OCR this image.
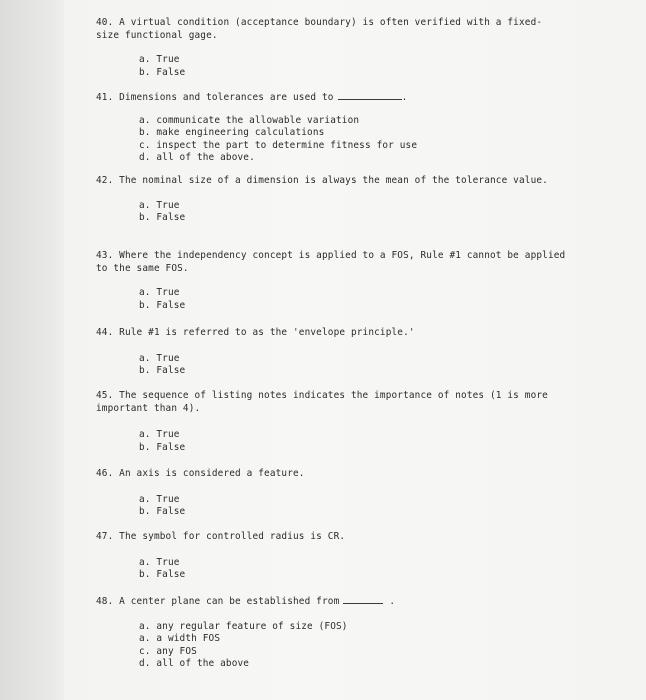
40. A virtual condition (acceptance boundary) is often verified with a fixed-size functional gage.

a. True
b. False

41. Dimensions and tolerances are used to	.

a. communicate the allowable variation
b. make engineering calculations
c. inspect the part to determine fitness for use
d. all of the above.

42. The nominal size of a dimension is always the mean of the tolerance value.

a. True
b. False

43. Where the independency concept is applied to a FOS, Rule #1 cannot be applied to the same FOS.

a. True
b. False

44. Rule #1 is referred to as the 'envelope principle.'

a. True
b. False

45. The sequence of listing notes indicates the importance of notes (1 is more important than 4).

a. True
b. False

46. An axis is considered a feature.

a. True
b. False

47. The symbol for controlled radius is CR.

a. True
b. False

48. A center plane can be established from	.

a. any regular feature of size (FOS)
a. a width FOS
c. any FOS
d. all of the above
